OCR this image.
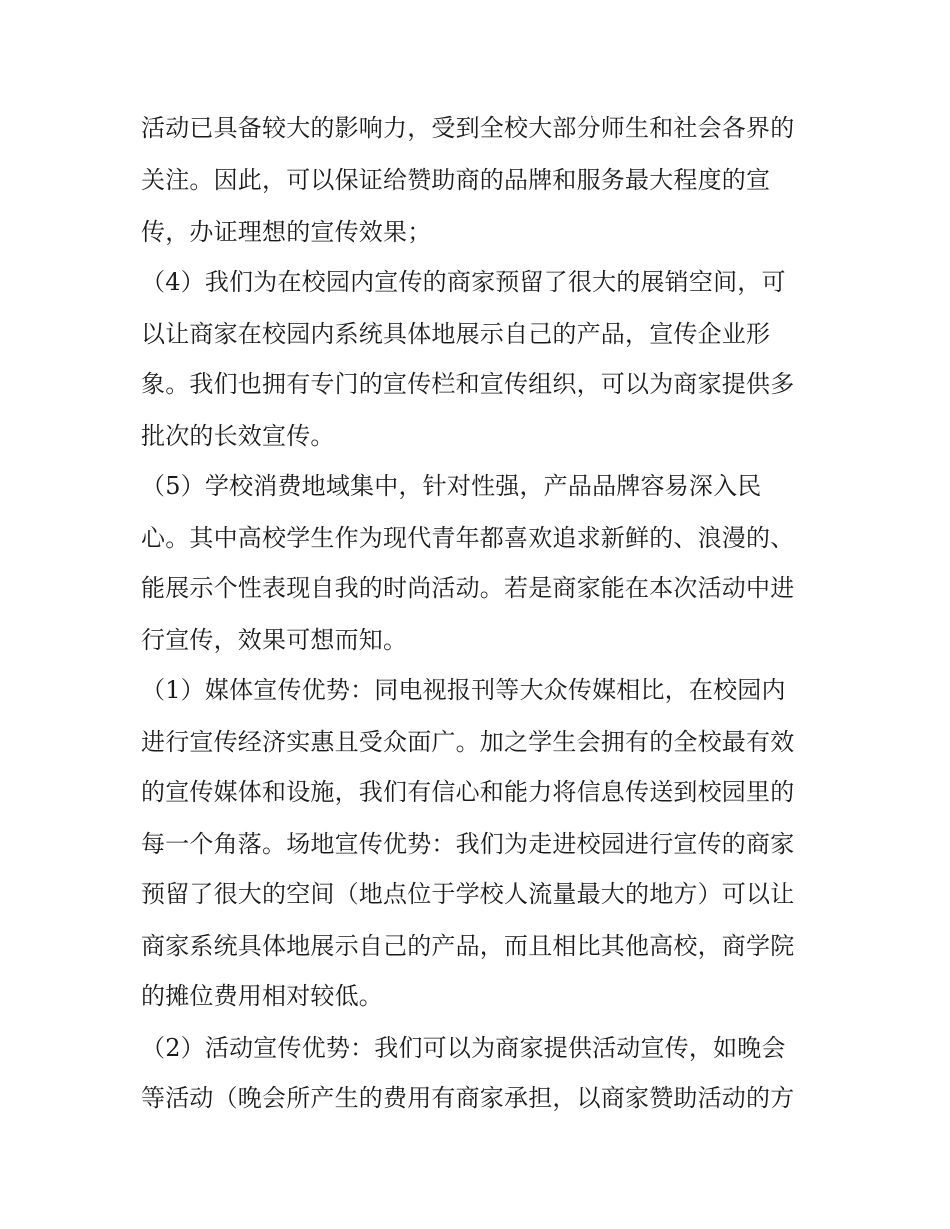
活动已具备较大的影响力，受到全校大部分师生和社会各界的
关注。因此，可以保证给赞助商的品牌和服务最大程度的宣
传，办证理想的宣传效果；
（4）我们为在校园内宣传的商家预留了很大的展销空间，可
以让商家在校园内系统具体地展示自己的产品，宣传企业形
象。我们也拥有专门的宣传栏和宣传组织，可以为商家提供多
批次的长效宣传。
（5）学校消费地域集中，针对性强，产品品牌容易深入民
心。其中高校学生作为现代青年都喜欢追求新鲜的、浪漫的、
能展示个性表现自我的时尚活动。若是商家能在本次活动中进
行宣传，效果可想而知。
（1）媒体宣传优势：同电视报刊等大众传媒相比，在校园内
进行宣传经济实惠且受众面广。加之学生会拥有的全校最有效
的宣传媒体和设施，我们有信心和能力将信息传送到校园里的
每一个角落。场地宣传优势：我们为走进校园进行宣传的商家
预留了很大的空间（地点位于学校人流量最大的地方）可以让
商家系统具体地展示自己的产品，而且相比其他高校，商学院
的摊位费用相对较低。
（2）活动宣传优势：我们可以为商家提供活动宣传，如晚会
等活动（晚会所产生的费用有商家承担，以商家赞助活动的方
